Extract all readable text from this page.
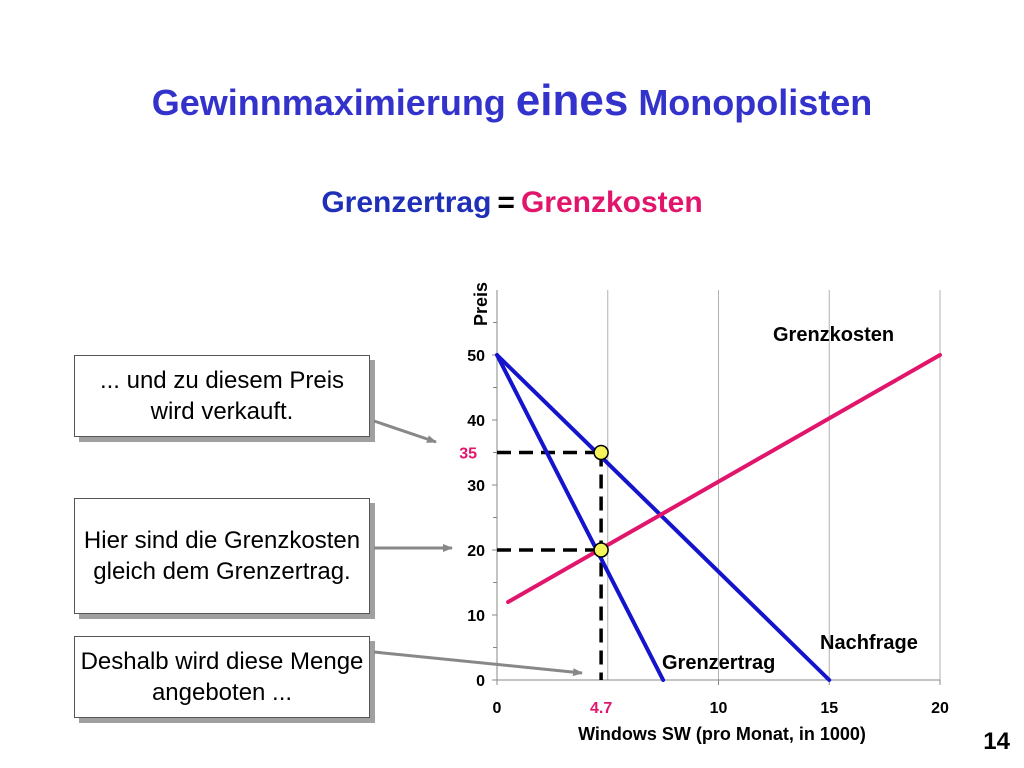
Gewinnmaximierung eines Monopolisten
Grenzertrag = Grenzkosten
... und zu diesem Preis wird verkauft.
Hier sind die Grenzkosten gleich dem Grenzertrag.
Deshalb wird diese Menge angeboten ...	0
10
20
30
40
50
0	10	15	20
Preis
Windows SW (pro Monat, in 1000)
Grenzkosten
Nachfrage
Grenzertrag
4.7
35
14
